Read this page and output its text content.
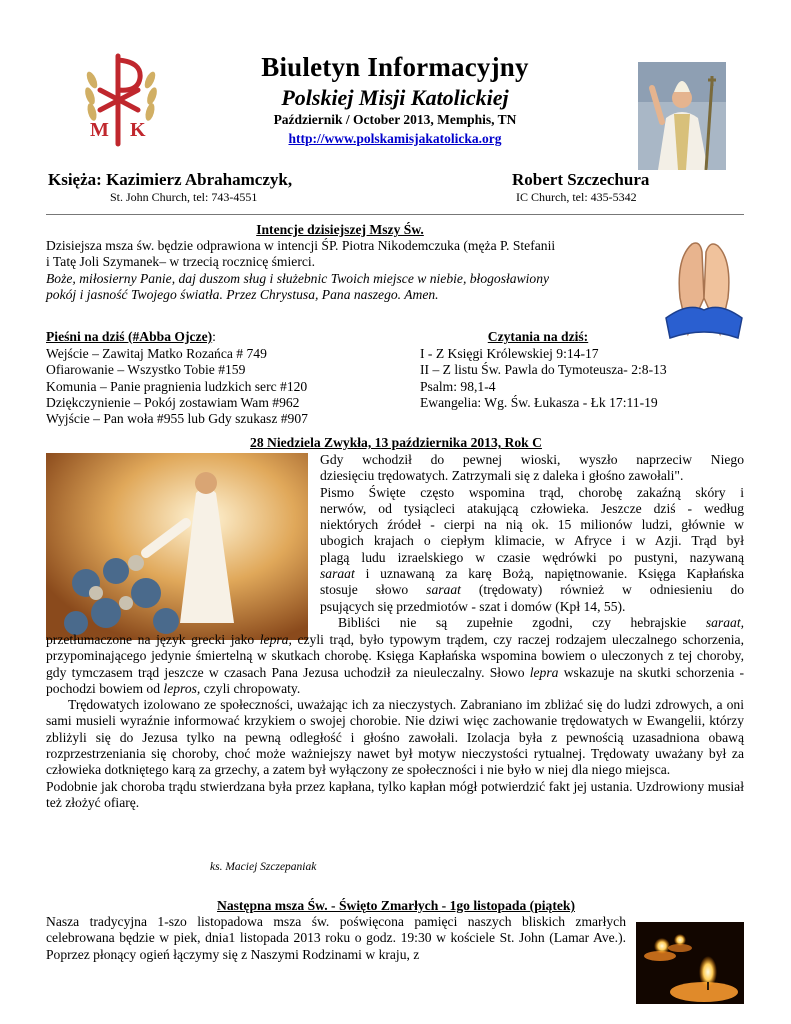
M K
Biuletyn Informacyjny
Polskiej Misji Katolickiej
Październik / October 2013, Memphis, TN
http://www.polskamisjakatolicka.org
Księża: Kazimierz Abrahamczyk,
St. John Church, tel: 743-4551
Robert Szczechura
IC Church, tel: 435-5342
Intencje dzisiejszej Mszy Św.
Dzisiejsza msza św. będzie odprawiona w intencji ŚP. Piotra Nikodemczuka (męża P. Stefanii
i Tatę Joli Szymanek– w trzecią rocznicę śmierci.
Boże, miłosierny Panie, daj duszom sług i służebnic Twoich miejsce w niebie, błogosławiony
pokój i jasność Twojego światła. Przez Chrystusa, Pana naszego. Amen.
Pieśni na dziś (#Abba Ojcze):
Wejście – Zawitaj Matko Rozańca # 749
Ofiarowanie – Wszystko Tobie #159
Komunia – Panie pragnienia ludzkich serc #120
Dziękczynienie – Pokój zostawiam Wam #962
Wyjście – Pan woła #955 lub Gdy szukasz #907
Czytania na dziś:
I - Z Księgi Królewskiej 9:14-17
II – Z listu Św. Pawla do Tymoteusza- 2:8-13
Psalm: 98,1-4
Ewangelia: Wg. Św. Łukasza - Łk 17:11-19
28 Niedziela Zwykła, 13 października 2013, Rok C
Gdy wchodził do pewnej wioski, wyszło naprzeciw Niego
dziesięciu trędowatych. Zatrzymali się z daleka i głośno zawołali".
Pismo Święte często wspomina trąd, chorobę zakaźną skóry i
nerwów, od tysiącleci atakującą człowieka. Jeszcze dziś - według
niektórych źródeł - cierpi na nią ok. 15 milionów ludzi, głównie w
ubogich krajach o ciepłym klimacie, w Afryce i w Azji. Trąd był
plagą ludu izraelskiego w czasie wędrówki po pustyni, nazywaną
saraat i uznawaną za karę Bożą, napiętnowanie. Księga Kapłańska
stosuje słowo saraat (trędowaty) również w odniesieniu do
psujących się przedmiotów - szat i domów (Kpł 14, 55).
Bibliści nie są zupełnie zgodni, czy hebrajskie saraat,
przetłumaczone na język grecki jako lepra, czyli trąd, było typowym trądem, czy raczej rodzajem uleczalnego schorzenia, przypominającego jedynie śmiertelną w skutkach chorobę. Księga Kapłańska wspomina bowiem o uleczonych z tej choroby, gdy tymczasem trąd jeszcze w czasach Pana Jezusa uchodził za nieuleczalny. Słowo lepra wskazuje na skutki schorzenia - pochodzi bowiem od lepros, czyli chropowaty.
Trędowatych izolowano ze społeczności, uważając ich za nieczystych. Zabraniano im zbliżać się do ludzi zdrowych, a oni sami musieli wyraźnie informować krzykiem o swojej chorobie. Nie dziwi więc zachowanie trędowatych w Ewangelii, którzy zbliżyli się do Jezusa tylko na pewną odległość i głośno zawołali. Izolacja była z pewnością uzasadniona obawą rozprzestrzeniania się choroby, choć może ważniejszy nawet był motyw nieczystości rytualnej. Trędowaty uważany był za człowieka dotkniętego karą za grzechy, a zatem był wyłączony ze społeczności i nie było w niej dla niego miejsca.
Podobnie jak choroba trądu stwierdzana była przez kapłana, tylko kapłan mógł potwierdzić fakt jej ustania. Uzdrowiony musiał też złożyć ofiarę.
ks. Maciej Szczepaniak
Następna msza Św. - Święto Zmarłych - 1go listopada (piątek)
Nasza tradycyjna 1-szo listopadowa msza św. poświęcona pamięci naszych bliskich zmarłych celebrowana będzie w piek, dnia1 listopada 2013 roku o godz. 19:30 w kościele St. John (Lamar Ave.). Poprzez płonący ogień łączymy się z Naszymi Rodzinami w kraju, z
